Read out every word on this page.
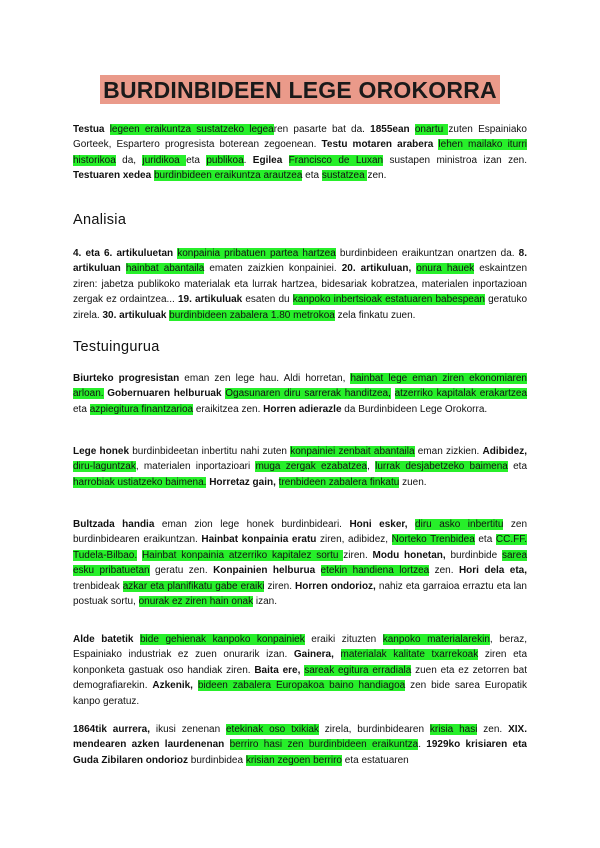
BURDINBIDEEN LEGE OROKORRA
Testua legeen eraikuntza sustatzeko legearen pasarte bat da. 1855ean onartu zuten Espainiako Gorteek, Espartero progresista boterean zegoenean. Testu motaren arabera lehen mailako iturri historikoa da, juridikoa eta publikoa. Egilea Francisco de Luxan sustapen ministroa izan zen. Testuaren xedea burdinbideen eraikuntza arautzea eta sustatzea zen.
Analisia
4. eta 6. artikuluetan konpainia pribatuen partea hartzea burdinbideen eraikuntzan onartzen da. 8. artikuluan hainbat abantaila ematen zaizkien konpainiei. 20. artikuluan, onura hauek eskaintzen ziren: jabetza publikoko materialak eta lurrak hartzea, bidesariak kobratzea, materialen inportazioan zergak ez ordaintzea... 19. artikuluak esaten du kanpoko inbertsioak estatuaren babespean geratuko zirela. 30. artikuluak burdinbideen zabalera 1.80 metrokoa zela finkatu zuen.
Testuingurua
Biurteko progresistan eman zen lege hau. Aldi horretan, hainbat lege eman ziren ekonomiaren arloan. Gobernuaren helburuak Ogasunaren diru sarrerak handitzea, atzerriko kapitalak erakartzea eta azpiegitura finantzarioa eraikitzea zen. Horren adierazle da Burdinbideen Lege Orokorra.
Lege honek burdinbideetan inbertitu nahi zuten konpainiei zenbait abantaila eman zizkien. Adibidez, diru-laguntzak, materialen inportazioari muga zergak ezabatzea, lurrak desjabetzeko baimena eta harrobiak ustiatzeko baimena. Horretaz gain, trenbideen zabalera finkatu zuen.
Bultzada handia eman zion lege honek burdinbideari. Honi esker, diru asko inbertitu zen burdinbidearen eraikuntzan. Hainbat konpainia eratu ziren, adibidez, Norteko Trenbidea eta CC.FF. Tudela-Bilbao. Hainbat konpainia atzerriko kapitalez sortu ziren. Modu honetan, burdinbide sarea esku pribatuetan geratu zen. Konpainien helburua etekin handiena lortzea zen. Hori dela eta, trenbideak azkar eta planifikatu gabe eraiki ziren. Horren ondorioz, nahiz eta garraioa erraztu eta lan postuak sortu, onurak ez ziren hain onak izan.
Alde batetik bide gehienak kanpoko konpainiek eraiki zituzten kanpoko materialarekin, beraz, Espainiako industriak ez zuen onurarik izan. Gainera, materialak kalitate txarrekoak ziren eta konponketa gastuak oso handiak ziren. Baita ere, sareak egitura erradiala zuen eta ez zetorren bat demografiarekin. Azkenik, bideen zabalera Europakoa baino handiagoa zen bide sarea Europatik kanpo geratuz.
1864tik aurrera, ikusi zenenan etekinak oso txikiak zirela, burdinbidearen krisia hasi zen. XIX. mendearen azken laurdenenan berriro hasi zen burdinbideen eraikuntza. 1929ko krisiaren eta Guda Zibilaren ondorioz burdinbidea krisian zegoen berriro eta estatuaren
